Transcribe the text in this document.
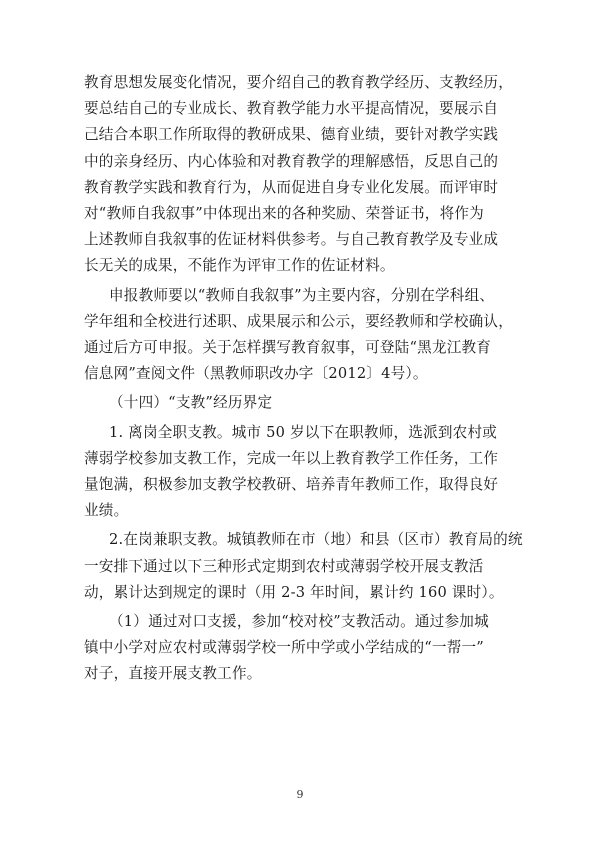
教育思想发展变化情况，要介绍自己的教育教学经历、支教经历，
要总结自己的专业成长、教育教学能力水平提高情况，要展示自
己结合本职工作所取得的教研成果、德育业绩，要针对教学实践
中的亲身经历、内心体验和对教育教学的理解感悟，反思自己的
教育教学实践和教育行为，从而促进自身专业化发展。而评审时
对“教师自我叙事”中体现出来的各种奖励、荣誉证书，将作为
上述教师自我叙事的佐证材料供参考。与自己教育教学及专业成
长无关的成果，不能作为评审工作的佐证材料。
申报教师要以“教师自我叙事”为主要内容，分别在学科组、
学年组和全校进行述职、成果展示和公示，要经教师和学校确认，
通过后方可申报。关于怎样撰写教育叙事，可登陆“黑龙江教育
信息网”查阅文件（黑教师职改办字〔2012〕4号）。
（十四）“支教”经历界定
1. 离岗全职支教。城市 50 岁以下在职教师，选派到农村或
薄弱学校参加支教工作，完成一年以上教育教学工作任务，工作
量饱满，积极参加支教学校教研、培养青年教师工作，取得良好
业绩。
2.在岗兼职支教。城镇教师在市（地）和县（区市）教育局的统
一安排下通过以下三种形式定期到农村或薄弱学校开展支教活
动，累计达到规定的课时（用 2-3 年时间，累计约 160 课时）。
（1）通过对口支援，参加“校对校”支教活动。通过参加城
镇中小学对应农村或薄弱学校一所中学或小学结成的“一帮一”
对子，直接开展支教工作。
9
